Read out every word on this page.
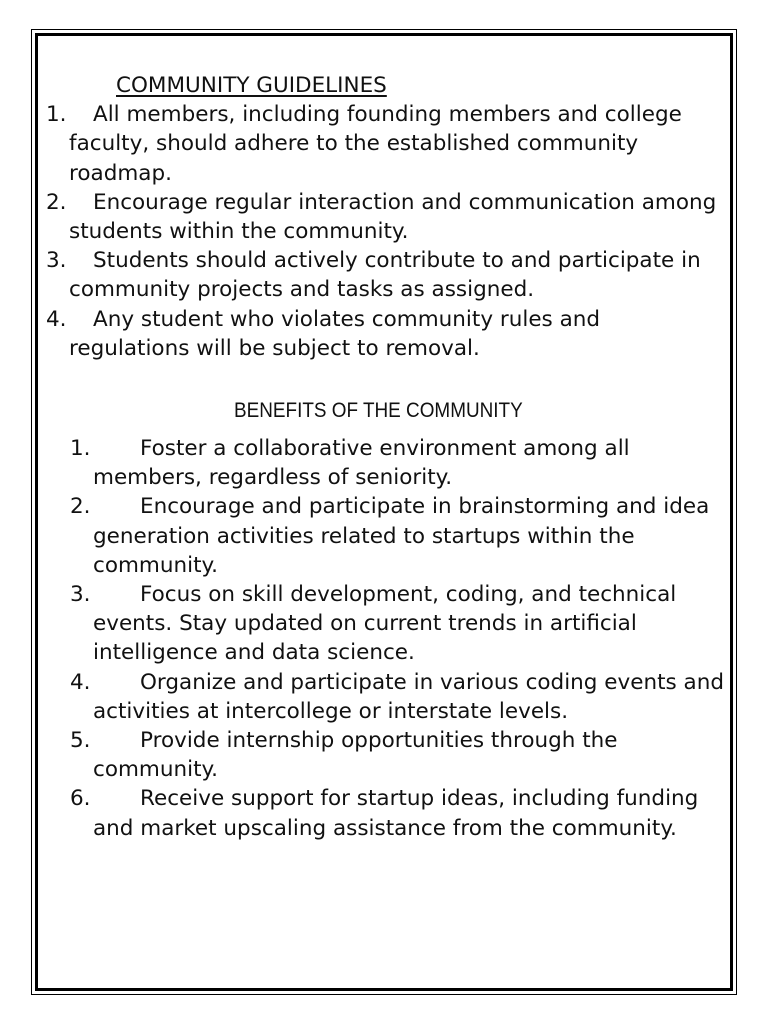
COMMUNITY GUIDELINES
1. All members, including founding members and college faculty, should adhere to the established community roadmap.
2. Encourage regular interaction and communication among students within the community.
3. Students should actively contribute to and participate in community projects and tasks as assigned.
4. Any student who violates community rules and regulations will be subject to removal.
BENEFITS OF THE COMMUNITY
1. Foster a collaborative environment among all members, regardless of seniority.
2. Encourage and participate in brainstorming and idea generation activities related to startups within the community.
3. Focus on skill development, coding, and technical events. Stay updated on current trends in artificial intelligence and data science.
4. Organize and participate in various coding events and activities at intercollege or interstate levels.
5. Provide internship opportunities through the community.
6. Receive support for startup ideas, including funding and market upscaling assistance from the community.
